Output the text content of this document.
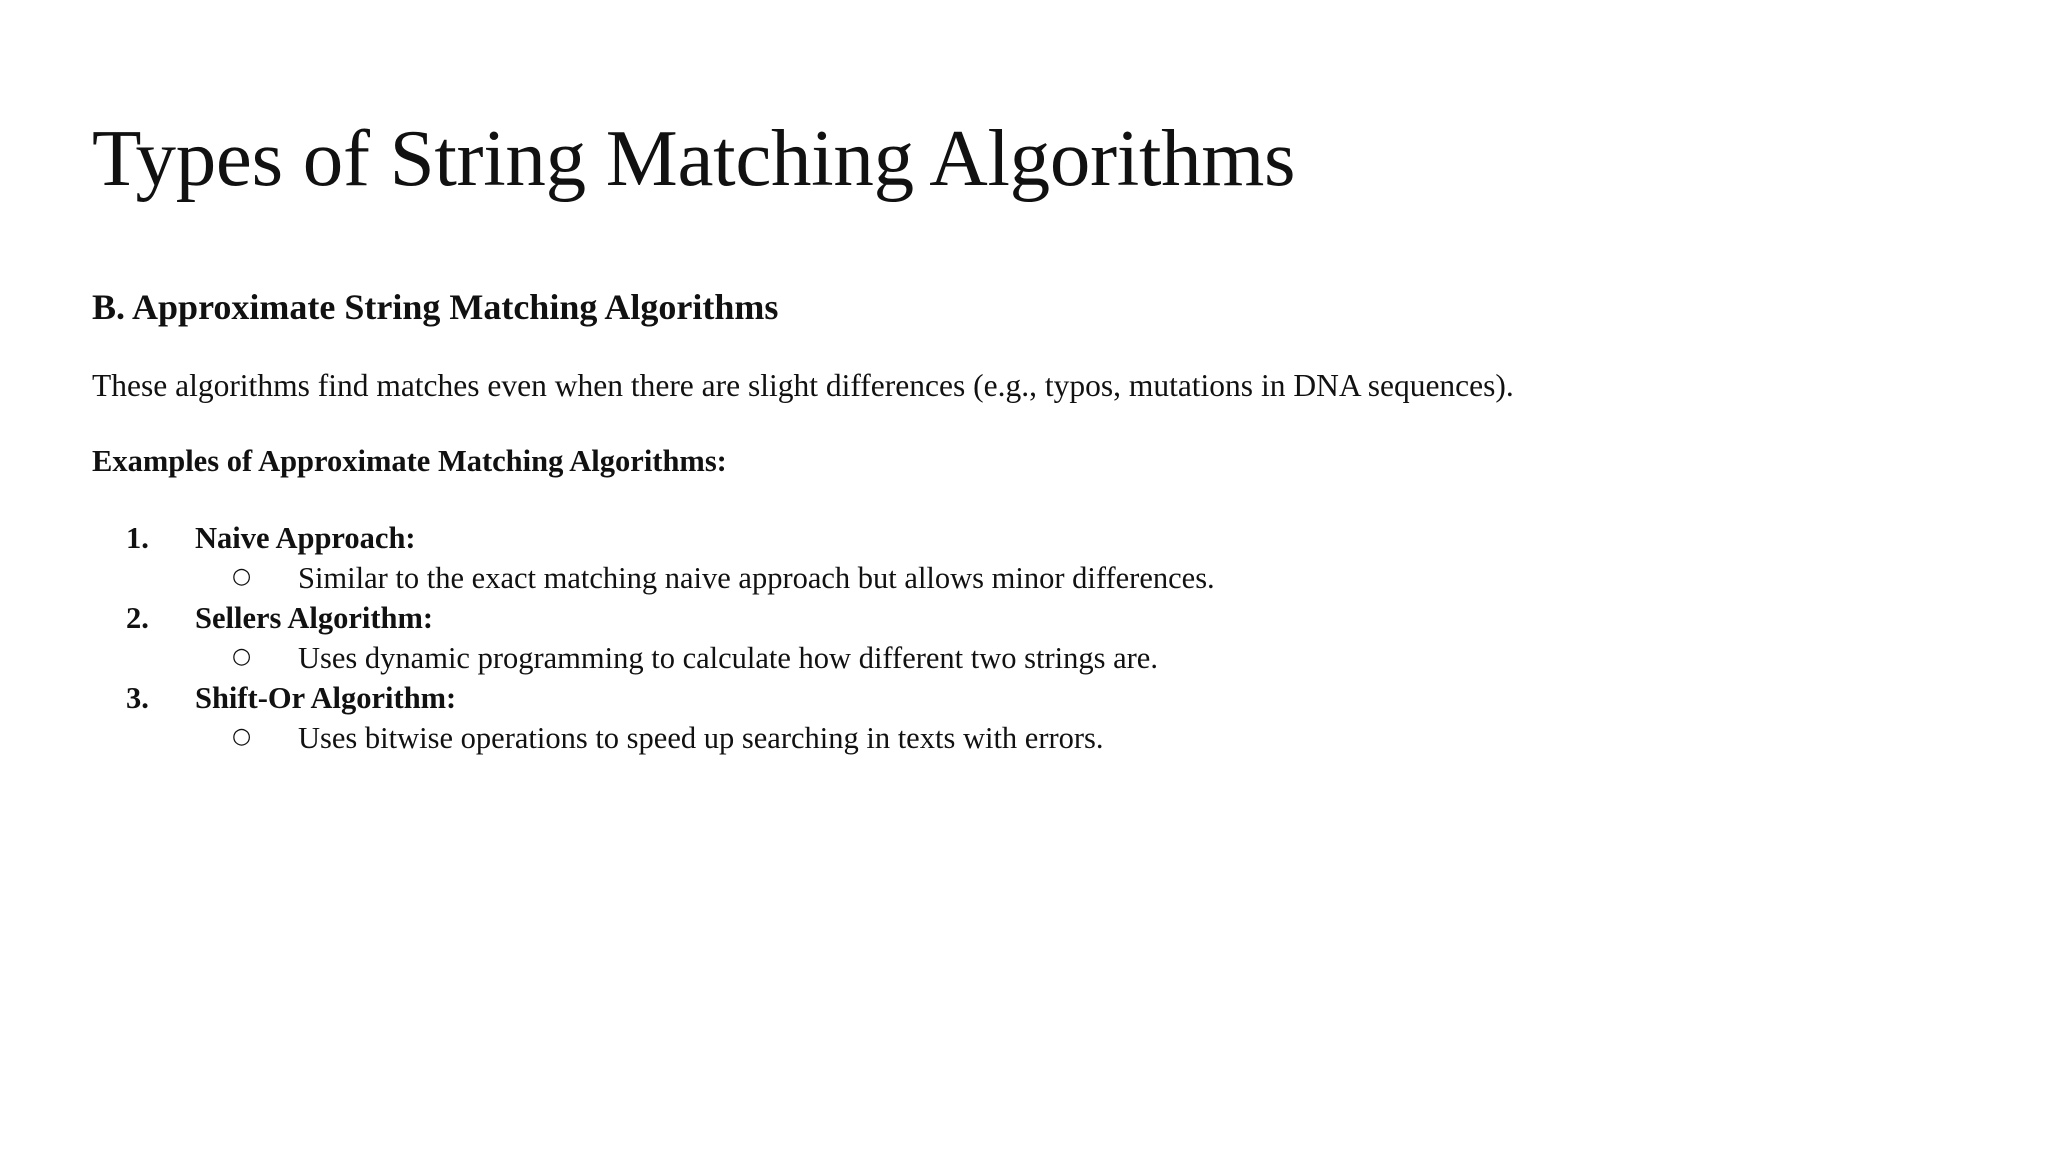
Types of String Matching Algorithms
B. Approximate String Matching Algorithms

These algorithms find matches even when there are slight differences (e.g., typos, mutations in DNA sequences).

Examples of Approximate Matching Algorithms:

1. Naive Approach:
○ Similar to the exact matching naive approach but allows minor differences.
2. Sellers Algorithm:
○ Uses dynamic programming to calculate how different two strings are.
3. Shift-Or Algorithm:
○ Uses bitwise operations to speed up searching in texts with errors.
